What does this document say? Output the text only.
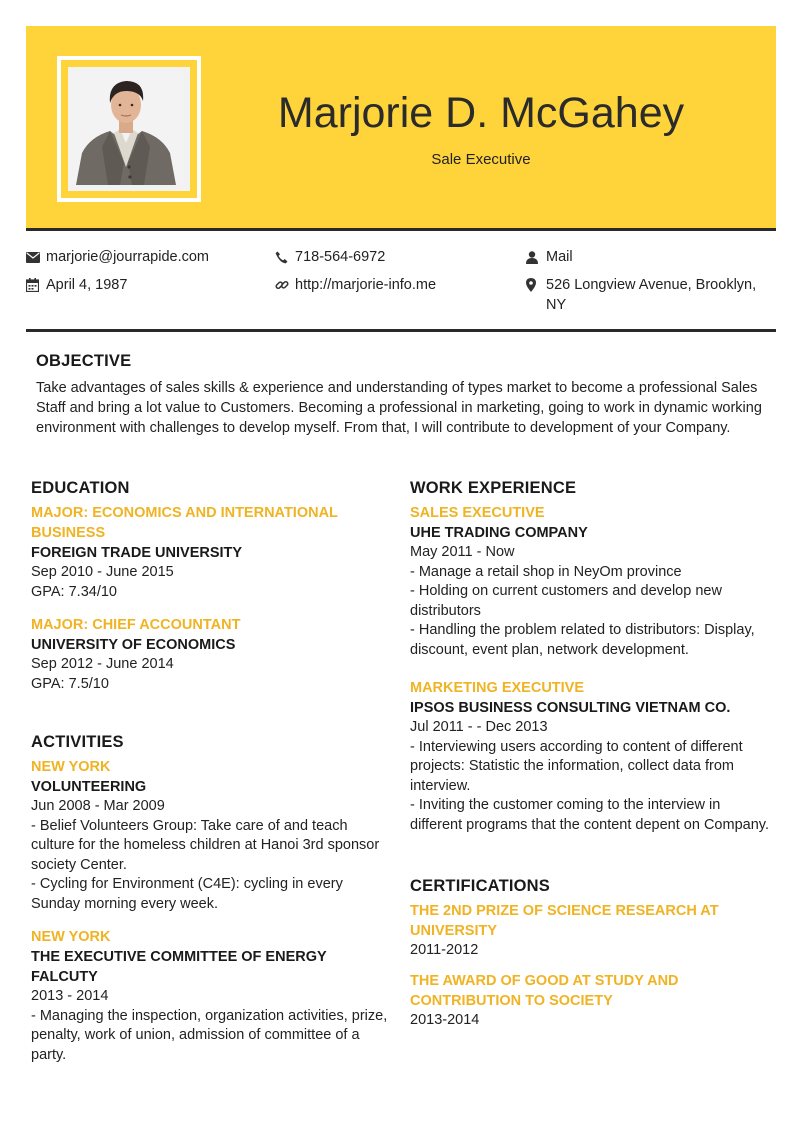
Marjorie D. McGahey
Sale Executive
marjorie@jourrapide.com	718-564-6972	Mail
April 4, 1987	http://marjorie-info.me	526 Longview Avenue, Brooklyn,
NY
OBJECTIVE

Take advantages of sales skills & experience and understanding of types market to become a professional Sales Staff and bring a lot value to Customers. Becoming a professional in marketing, going to work in dynamic working environment with challenges to develop myself. From that, I will contribute to development of your Company.

EDUCATION
MAJOR: ECONOMICS AND INTERNATIONAL
BUSINESS
FOREIGN TRADE UNIVERSITY
Sep 2010 - June 2015
GPA: 7.34/10
MAJOR: CHIEF ACCOUNTANT
UNIVERSITY OF ECONOMICS
Sep 2012 - June 2014
GPA: 7.5/10
ACTIVITIES
NEW YORK
VOLUNTEERING
Jun 2008 - Mar 2009
- Belief Volunteers Group: Take care of and teach
culture for the homeless children at Hanoi 3rd sponsor
society Center.
- Cycling for Environment (C4E): cycling in every
Sunday morning every week.
NEW YORK
THE EXECUTIVE COMMITTEE OF ENERGY
FALCUTY
2013 - 2014
- Managing the inspection, organization activities, prize,
penalty, work of union, admission of committee of a
party.
WORK EXPERIENCE
SALES EXECUTIVE
UHE TRADING COMPANY
May 2011 - Now
- Manage a retail shop in NeyOm province
- Holding on current customers and develop new
distributors
- Handling the problem related to distributors: Display,
discount, event plan, network development.
MARKETING EXECUTIVE
IPSOS BUSINESS CONSULTING VIETNAM CO.
Jul 2011 - - Dec 2013
- Interviewing users according to content of different
projects: Statistic the information, collect data from
interview.
- Inviting the customer coming to the interview in
different programs that the content depent on Company.
CERTIFICATIONS
THE 2ND PRIZE OF SCIENCE RESEARCH AT
UNIVERSITY
2011-2012
THE AWARD OF GOOD AT STUDY AND
CONTRIBUTION TO SOCIETY
2013-2014
